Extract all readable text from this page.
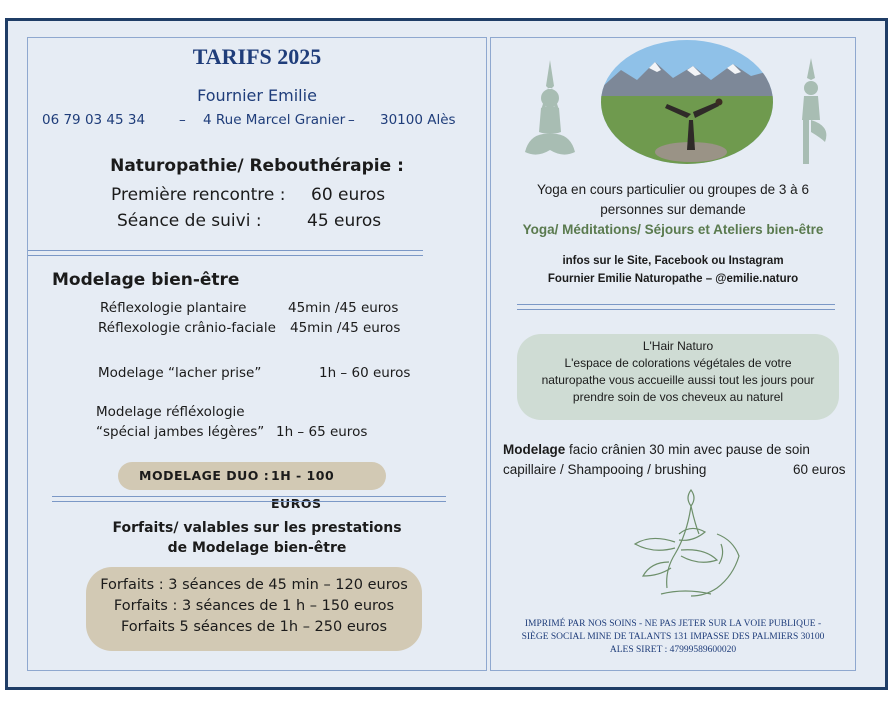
TARIFS 2025
Fournier Emilie
06 79 03 45 34	– 4 Rue Marcel Granier – 30100 Alès
Naturopathie/ Rebouthérapie :
Première rencontre : 60 euros
Séance de suivi :	45 euros
Modelage bien-être
Réflexologie plantaire	45min /45 euros
Réflexologie crânio-faciale 45min /45 euros
Modelage “lacher prise”	1h – 60 euros
Modelage réfléxologie
“spécial jambes légères” 1h – 65 euros
MODELAGE DUO : 1H - 100 EUROS
Forfaits/ valables sur les prestations
de Modelage bien-être
Forfaits : 3 séances de 45 min – 120 euros
Forfaits : 3 séances de 1 h – 150 euros
Forfaits 5 séances de 1h – 250 euros
Yoga en cours particulier ou groupes de 3 à 6
personnes sur demande
Yoga/ Méditations/ Séjours et Ateliers bien-être
infos sur le Site, Facebook ou Instagram
Fournier Emilie Naturopathe – @emilie.naturo
L'Hair Naturo
L'espace de colorations végétales de votre
naturopathe vous accueille aussi tout les jours pour
prendre soin de vos cheveux au naturel
Modelage facio crânien 30 min avec pause de soin
capillaire / Shampooing / brushing	60 euros
IMPRIMÉ PAR NOS SOINS - NE PAS JETER SUR LA VOIE PUBLIQUE -
SIÈGE SOCIAL MINE DE TALANTS 131 IMPASSE DES PALMIERS 30100
ALES SIRET : 47999589600020
